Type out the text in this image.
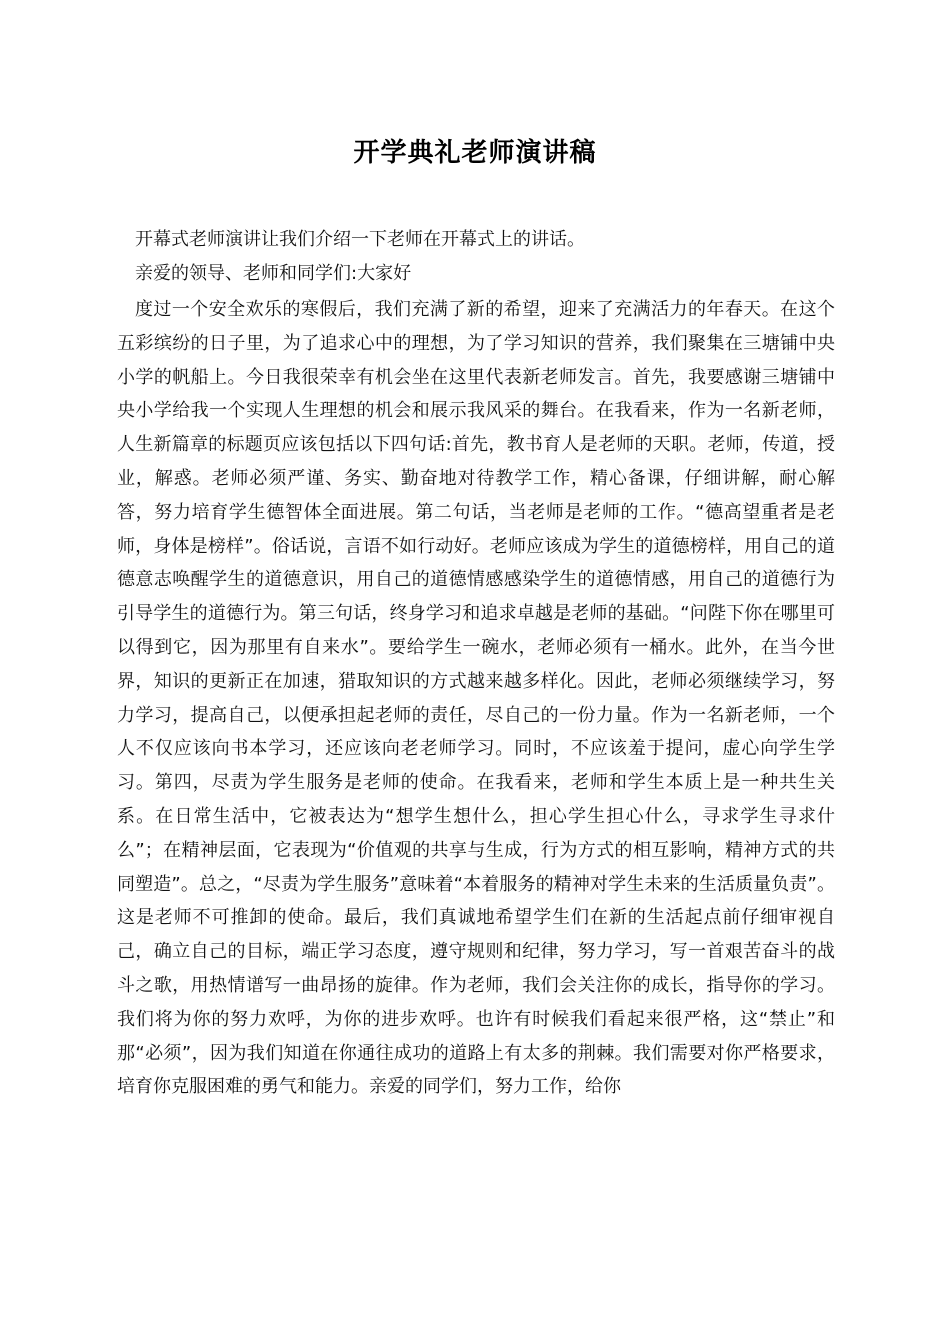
开学典礼老师演讲稿

开幕式老师演讲让我们介绍一下老师在开幕式上的讲话。

亲爱的领导、老师和同学们:大家好

度过一个安全欢乐的寒假后，我们充满了新的希望，迎来了充满活力的年春天。在这个五彩缤纷的日子里，为了追求心中的理想，为了学习知识的营养，我们聚集在三塘铺中央小学的帆船上。今日我很荣幸有机会坐在这里代表新老师发言。首先，我要感谢三塘铺中央小学给我一个实现人生理想的机会和展示我风采的舞台。在我看来，作为一名新老师，人生新篇章的标题页应该包括以下四句话:首先，教书育人是老师的天职。老师，传道，授业，解惑。老师必须严谨、务实、勤奋地对待教学工作，精心备课，仔细讲解，耐心解答，努力培育学生德智体全面进展。第二句话，当老师是老师的工作。“德高望重者是老师，身体是榜样”。俗话说，言语不如行动好。老师应该成为学生的道德榜样，用自己的道德意志唤醒学生的道德意识，用自己的道德情感感染学生的道德情感，用自己的道德行为引导学生的道德行为。第三句话，终身学习和追求卓越是老师的基础。“问陛下你在哪里可以得到它，因为那里有自来水”。要给学生一碗水，老师必须有一桶水。此外，在当今世界，知识的更新正在加速，猎取知识的方式越来越多样化。因此，老师必须继续学习，努力学习，提高自己，以便承担起老师的责任，尽自己的一份力量。作为一名新老师，一个人不仅应该向书本学习，还应该向老老师学习。同时，不应该羞于提问，虚心向学生学习。第四，尽责为学生服务是老师的使命。在我看来，老师和学生本质上是一种共生关系。在日常生活中，它被表达为“想学生想什么，担心学生担心什么，寻求学生寻求什么”；在精神层面，它表现为“价值观的共享与生成，行为方式的相互影响，精神方式的共同塑造”。总之，“尽责为学生服务”意味着“本着服务的精神对学生未来的生活质量负责”。这是老师不可推卸的使命。最后，我们真诚地希望学生们在新的生活起点前仔细审视自己，确立自己的目标，端正学习态度，遵守规则和纪律，努力学习，写一首艰苦奋斗的战斗之歌，用热情谱写一曲昂扬的旋律。作为老师，我们会关注你的成长，指导你的学习。我们将为你的努力欢呼，为你的进步欢呼。也许有时候我们看起来很严格，这“禁止”和那“必须”，因为我们知道在你通往成功的道路上有太多的荆棘。我们需要对你严格要求，培育你克服困难的勇气和能力。亲爱的同学们，努力工作，给你
